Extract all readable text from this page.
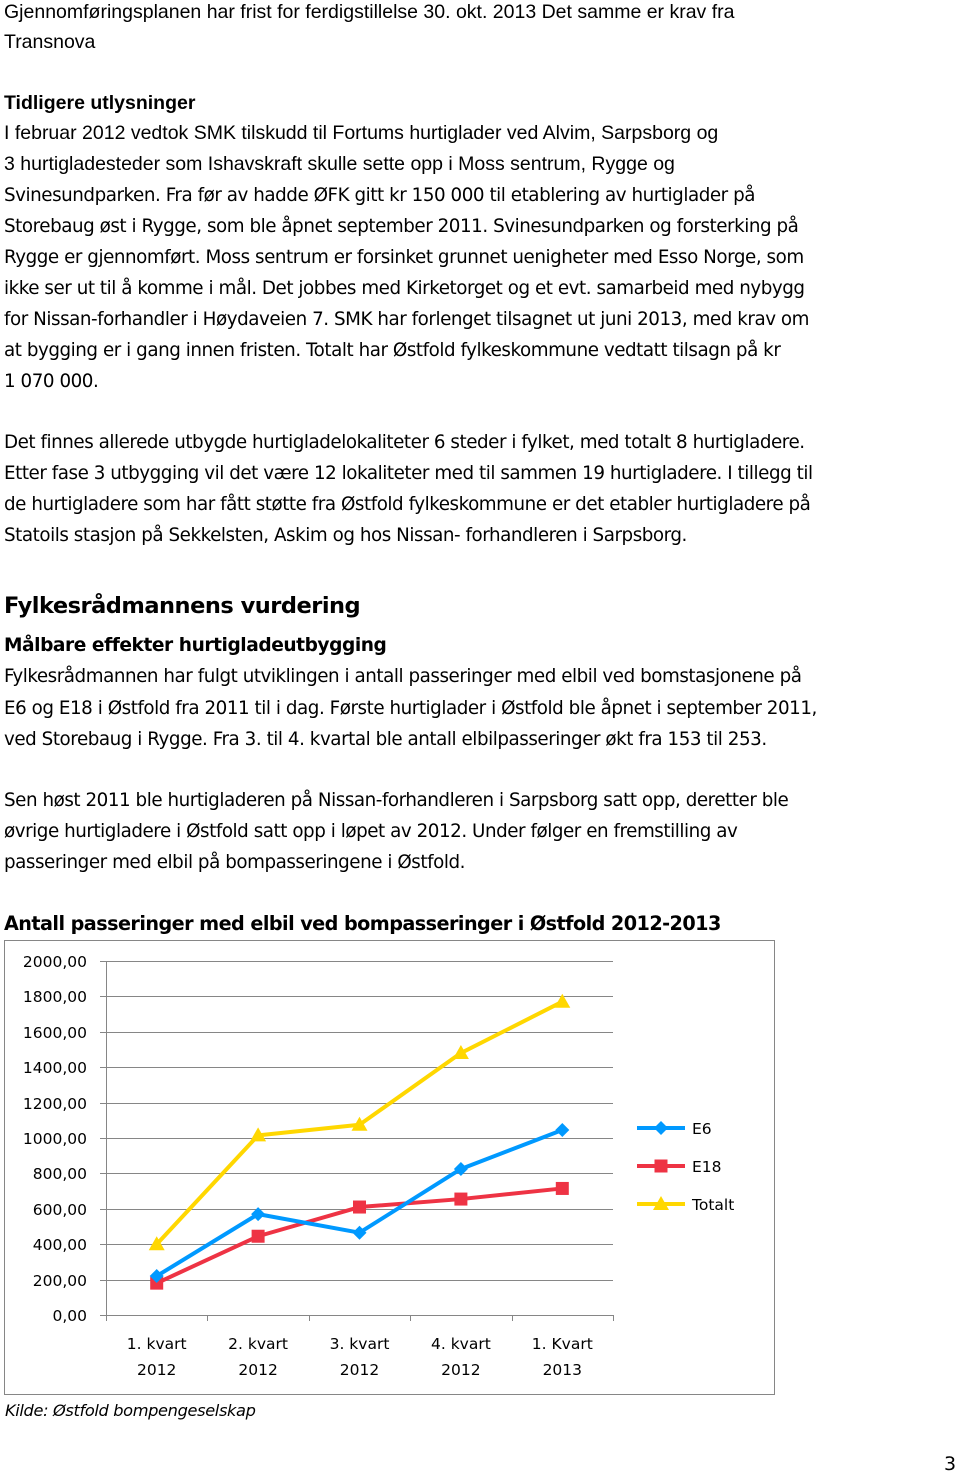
Gjennomføringsplanen har frist for ferdigstillelse 30. okt. 2013 Det samme er krav fra
Transnova
Tidligere utlysninger
I februar 2012 vedtok SMK tilskudd til Fortums hurtiglader ved Alvim, Sarpsborg og
3 hurtigladesteder som Ishavskraft skulle sette opp i Moss sentrum, Rygge og
Svinesundparken. Fra før av hadde ØFK gitt kr 150 000 til etablering av hurtiglader på
Storebaug øst i Rygge, som ble åpnet september 2011. Svinesundparken og forsterking på
Rygge er gjennomført. Moss sentrum er forsinket grunnet uenigheter med Esso Norge, som
ikke ser ut til å komme i mål. Det jobbes med Kirketorget og et evt. samarbeid med nybygg
for Nissan-forhandler i Høydaveien 7. SMK har forlenget tilsagnet ut juni 2013, med krav om
at bygging er i gang innen fristen. Totalt har Østfold fylkeskommune vedtatt tilsagn på kr
1 070 000.
Det finnes allerede utbygde hurtigladelokaliteter 6 steder i fylket, med totalt 8 hurtigladere.
Etter fase 3 utbygging vil det være 12 lokaliteter med til sammen 19 hurtigladere. I tillegg til
de hurtigladere som har fått støtte fra Østfold fylkeskommune er det etabler hurtigladere på
Statoils stasjon på Sekkelsten, Askim og hos Nissan- forhandleren i Sarpsborg.
Fylkesrådmannens vurdering
Målbare effekter hurtigladeutbygging
Fylkesrådmannen har fulgt utviklingen i antall passeringer med elbil ved bomstasjonene på
E6 og E18 i Østfold fra 2011 til i dag. Første hurtiglader i Østfold ble åpnet i september 2011,
ved Storebaug i Rygge. Fra 3. til 4. kvartal ble antall elbilpasseringer økt fra 153 til 253.
Sen høst 2011 ble hurtigladeren på Nissan-forhandleren i Sarpsborg satt opp, deretter ble
øvrige hurtigladere i Østfold satt opp i løpet av 2012. Under følger en fremstilling av
passeringer med elbil på bompasseringene i Østfold.
Antall passeringer med elbil ved bompasseringer i Østfold 2012-2013
0,00
200,00
400,00
600,00
800,00
1000,00
1200,00
1400,00
1600,00
1800,00
2000,00
1. kvart
2012
2. kvart
2012
3. kvart
2012
4. kvart
2012
1. Kvart
2013
E6
E18
Totalt
Kilde: Østfold bompengeselskap
3
